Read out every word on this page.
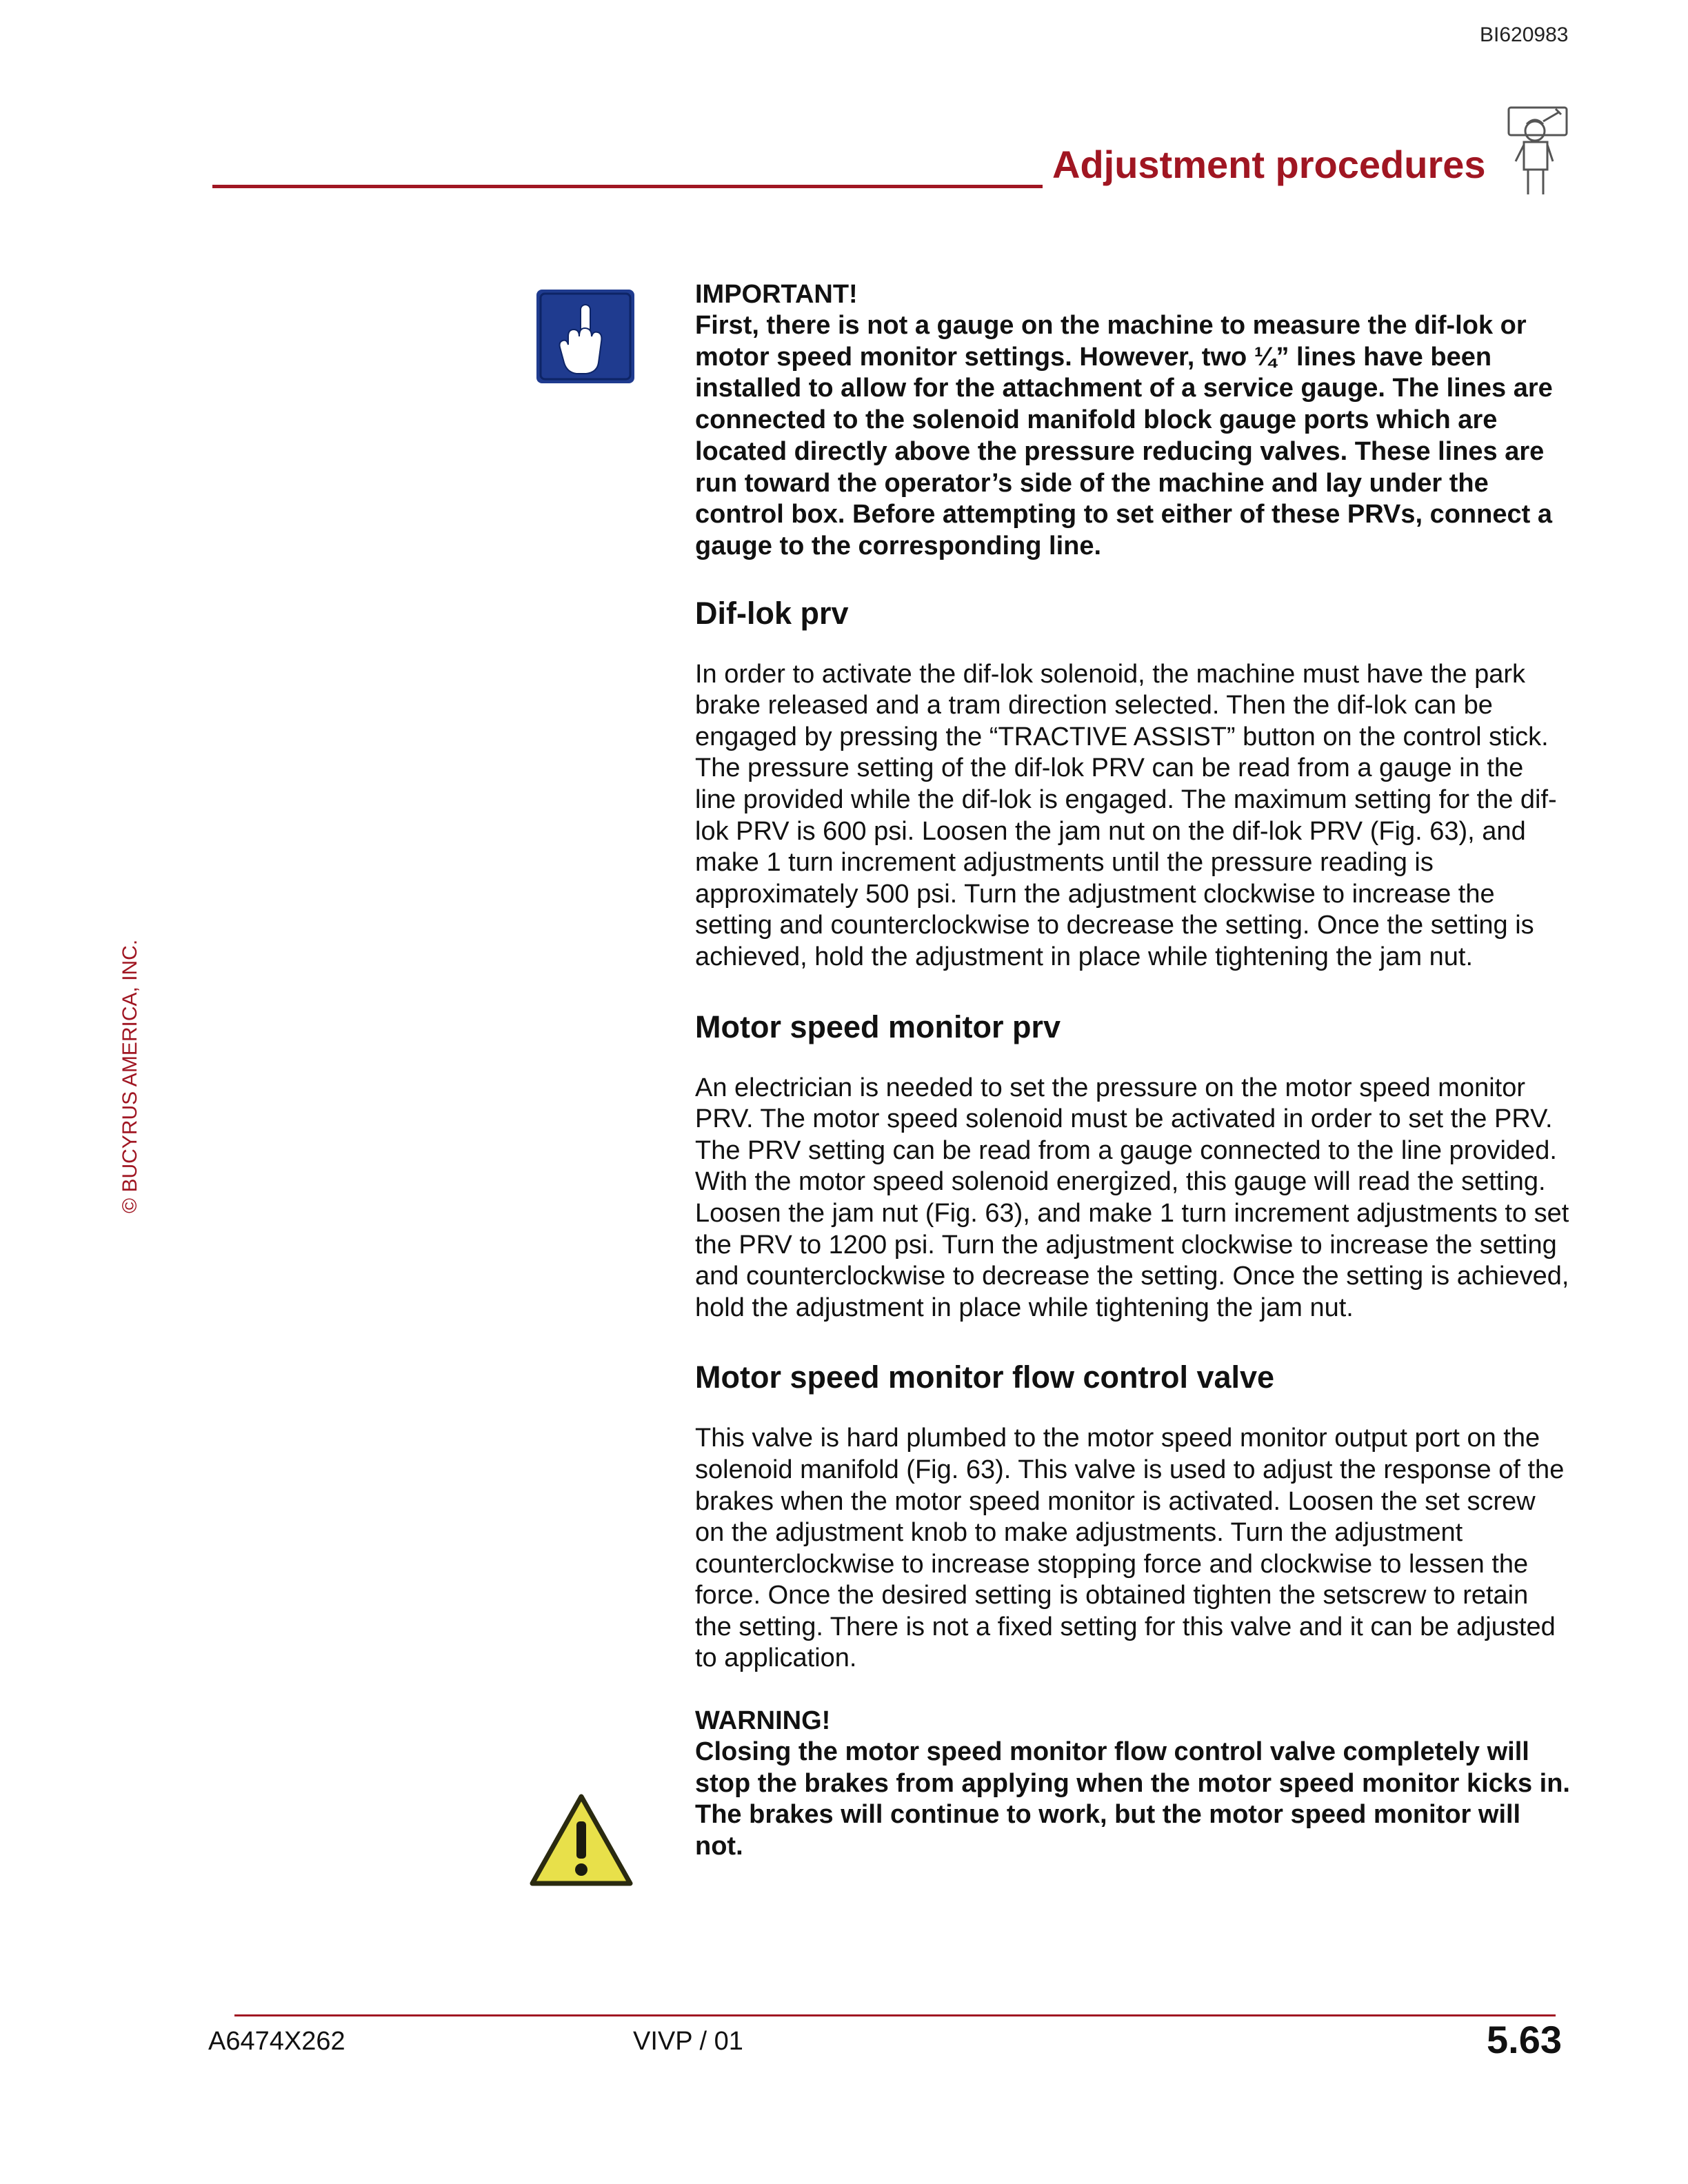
BI620983
Adjustment procedures
© BUCYRUS AMERICA, INC.
IMPORTANT!

First, there is not a gauge on the machine to measure the dif-lok or motor speed monitor settings. However, two ¼” lines have been installed to allow for the attachment of a service gauge. The lines are connected to the solenoid manifold block gauge ports which are located directly above the pressure reducing valves. These lines are run toward the operator’s side of the machine and lay under the control box. Before attempting to set either of these PRVs, connect a gauge to the corresponding line.

Dif-lok prv

In order to activate the dif-lok solenoid, the machine must have the park brake released and a tram direction selected. Then the dif-lok can be engaged by pressing the “TRACTIVE ASSIST” button on the control stick. The pressure setting of the dif-lok PRV can be read from a gauge in the line provided while the dif-lok is engaged. The maximum setting for the dif-lok PRV is 600 psi. Loosen the jam nut on the dif-lok PRV (Fig. 63), and make 1 turn increment adjustments until the pressure reading is approximately 500 psi. Turn the adjustment clockwise to increase the setting and counterclockwise to decrease the setting. Once the setting is achieved, hold the adjustment in place while tightening the jam nut.

Motor speed monitor prv

An electrician is needed to set the pressure on the motor speed monitor PRV. The motor speed solenoid must be activated in order to set the PRV. The PRV setting can be read from a gauge connected to the line provided. With the motor speed solenoid energized, this gauge will read the setting. Loosen the jam nut (Fig. 63), and make 1 turn increment adjustments to set the PRV to 1200 psi. Turn the adjustment clockwise to increase the setting and counterclockwise to decrease the setting. Once the setting is achieved, hold the adjustment in place while tightening the jam nut.

Motor speed monitor flow control valve

This valve is hard plumbed to the motor speed monitor output port on the solenoid manifold (Fig. 63). This valve is used to adjust the response of the brakes when the motor speed monitor is activated. Loosen the set screw on the adjustment knob to make adjustments. Turn the adjustment counterclockwise to increase stopping force and clockwise to lessen the force. Once the desired setting is obtained tighten the setscrew to retain the setting. There is not a fixed setting for this valve and it can be adjusted to application.

WARNING!

Closing the motor speed monitor flow control valve completely will stop the brakes from applying when the motor speed monitor kicks in. The brakes will continue to work, but the motor speed monitor will not.

A6474X262	VIVP / 01	5.63
